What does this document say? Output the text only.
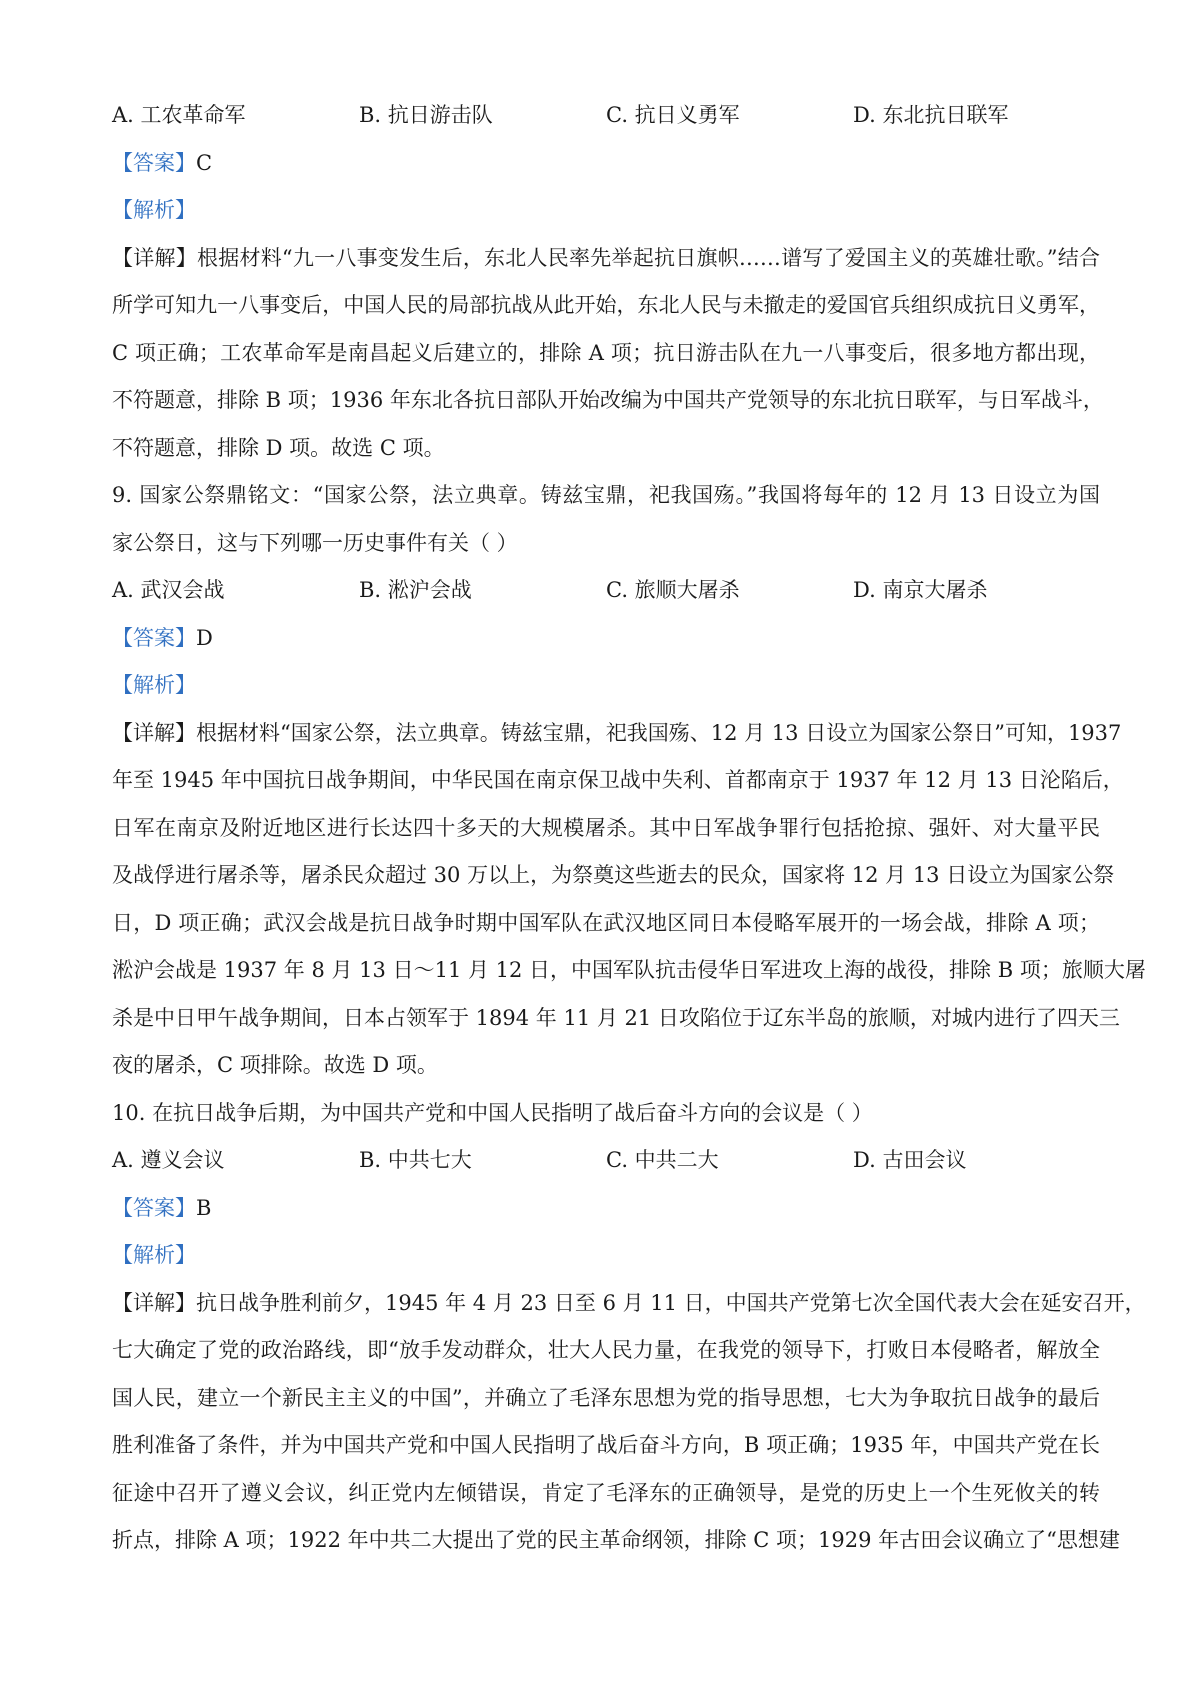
A. 工农革命军	B. 抗日游击队	C. 抗日义勇军	D. 东北抗日联军
【答案】C
【解析】
【详解】根据材料“九一八事变发生后，东北人民率先举起抗日旗帜……谱写了爱国主义的英雄壮歌。”结合
所学可知九一八事变后，中国人民的局部抗战从此开始，东北人民与未撤走的爱国官兵组织成抗日义勇军，
C 项正确；工农革命军是南昌起义后建立的，排除 A 项；抗日游击队在九一八事变后，很多地方都出现，
不符题意，排除 B 项；1936 年东北各抗日部队开始改编为中国共产党领导的东北抗日联军，与日军战斗，
不符题意，排除 D 项。故选 C 项。
9. 国家公祭鼎铭文：“国家公祭，法立典章。铸兹宝鼎，祀我国殇。”我国将每年的 12 月 13 日设立为国
家公祭日，这与下列哪一历史事件有关（ ）
A. 武汉会战	B. 淞沪会战	C. 旅顺大屠杀	D. 南京大屠杀
【答案】D
【解析】
【详解】根据材料“国家公祭，法立典章。铸兹宝鼎，祀我国殇、12 月 13 日设立为国家公祭日”可知，1937
年至 1945 年中国抗日战争期间，中华民国在南京保卫战中失利、首都南京于 1937 年 12 月 13 日沦陷后，
日军在南京及附近地区进行长达四十多天的大规模屠杀。其中日军战争罪行包括抢掠、强奸、对大量平民
及战俘进行屠杀等，屠杀民众超过 30 万以上，为祭奠这些逝去的民众，国家将 12 月 13 日设立为国家公祭
日，D 项正确；武汉会战是抗日战争时期中国军队在武汉地区同日本侵略军展开的一场会战，排除 A 项；
淞沪会战是 1937 年 8 月 13 日～11 月 12 日，中国军队抗击侵华日军进攻上海的战役，排除 B 项；旅顺大屠
杀是中日甲午战争期间，日本占领军于 1894 年 11 月 21 日攻陷位于辽东半岛的旅顺，对城内进行了四天三
夜的屠杀，C 项排除。故选 D 项。
10. 在抗日战争后期，为中国共产党和中国人民指明了战后奋斗方向的会议是（ ）
A. 遵义会议	B. 中共七大	C. 中共二大	D. 古田会议
【答案】B
【解析】
【详解】抗日战争胜利前夕，1945 年 4 月 23 日至 6 月 11 日，中国共产党第七次全国代表大会在延安召开，
七大确定了党的政治路线，即“放手发动群众，壮大人民力量，在我党的领导下，打败日本侵略者，解放全
国人民，建立一个新民主主义的中国”，并确立了毛泽东思想为党的指导思想，七大为争取抗日战争的最后
胜利准备了条件，并为中国共产党和中国人民指明了战后奋斗方向，B 项正确；1935 年，中国共产党在长
征途中召开了遵义会议，纠正党内左倾错误，肯定了毛泽东的正确领导，是党的历史上一个生死攸关的转
折点，排除 A 项；1922 年中共二大提出了党的民主革命纲领，排除 C 项；1929 年古田会议确立了“思想建
